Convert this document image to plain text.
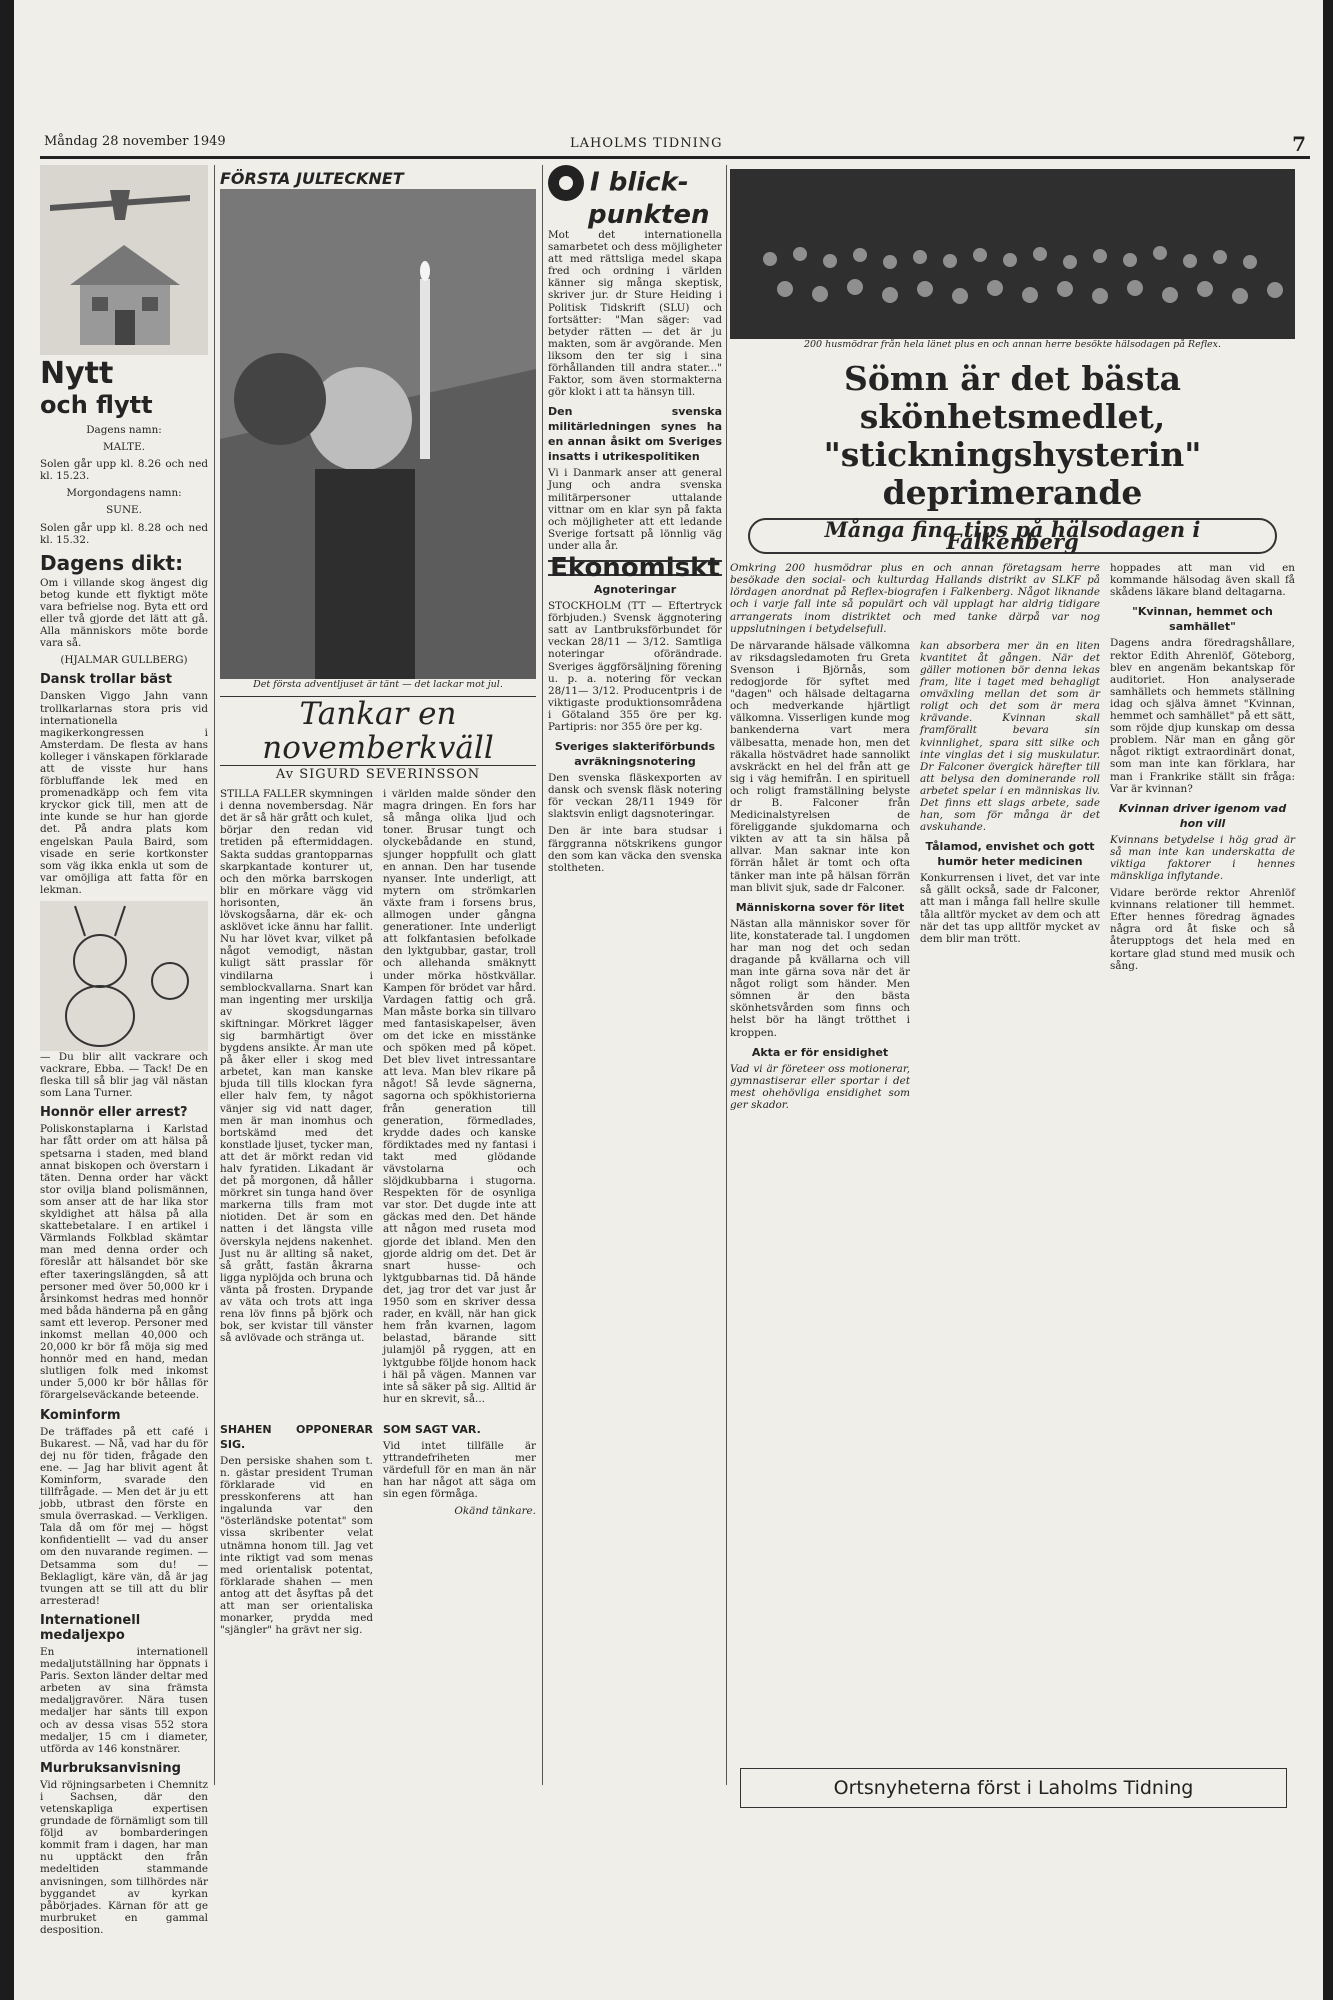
Måndag 28 november 1949	LAHOLMS TIDNING	7
Nytt
och flytt

Dagens namn:

MALTE.

Solen går upp kl. 8.26 och ned kl. 15.23.

Morgondagens namn:

SUNE.

Solen går upp kl. 8.28 och ned kl. 15.32.

Dagens dikt:

Om i villande skog ängest dig betog kunde ett flyktigt möte vara befrielse nog. Byta ett ord eller två gjorde det lätt att gå. Alla människors möte borde vara så.

(HJALMAR GULLBERG)

Dansk trollar bäst

Dansken Viggo Jahn vann trollkarlarnas stora pris vid internationella magikerkongressen i Amsterdam. De flesta av hans kolleger i vänskapen förklarade att de visste hur hans förbluffande lek med en promenadkäpp och fem vita kryckor gick till, men att de inte kunde se hur han gjorde det. På andra plats kom engelskan Paula Baird, som visade en serie kortkonster som väg ikka enkla ut som de var omöjliga att fatta för en lekman.

— Du blir allt vackrare och vackrare, Ebba. — Tack! De en fleska till så blir jag väl nästan som Lana Turner.

Honnör eller arrest?

Poliskonstaplarna i Karlstad har fått order om att hälsa på spetsarna i staden, med bland annat biskopen och överstarn i täten. Denna order har väckt stor ovilja bland polismännen, som anser att de har lika stor skyldighet att hälsa på alla skattebetalare. I en artikel i Värmlands Folkblad skämtar man med denna order och föreslår att hälsandet bör ske efter taxeringslängden, så att personer med över 50,000 kr i årsinkomst hedras med honnör med båda händerna på en gång samt ett leverop. Personer med inkomst mellan 40,000 och 20,000 kr bör få möja sig med honnör med en hand, medan slutligen folk med inkomst under 5,000 kr bör hållas för förargelseväckande beteende.

Kominform

De träffades på ett café i Bukarest. — Nå, vad har du för dej nu för tiden, frågade den ene. — Jag har blivit agent åt Kominform, svarade den tillfrågade. — Men det är ju ett jobb, utbrast den förste en smula överraskad. — Verkligen. Tala då om för mej — högst konfidentiellt — vad du anser om den nuvarande regimen. — Detsamma som du! — Beklagligt, käre vän, då är jag tvungen att se till att du blir arresterad!

Internationell medaljexpo

En internationell medaljutställning har öppnats i Paris. Sexton länder deltar med arbeten av sina främsta medaljgravörer. Nära tusen medaljer har sänts till expon och av dessa visas 552 stora medaljer, 15 cm i diameter, utförda av 146 konstnärer.

Murbruksanvisning

Vid röjningsarbeten i Chemnitz i Sachsen, där den vetenskapliga expertisen grundade de förnämligt som till följd av bombarderingen kommit fram i dagen, har man nu upptäckt den från medeltiden stammande anvisningen, som tillhördes när byggandet av kyrkan påbörjades. Kärnan för att ge murbruket en gammal desposition.

FÖRSTA JULTECKNET

Det första adventljuset är tänt — det lackar mot jul.

Tankar en novemberkväll
Av SIGURD SEVERINSSON

STILLA FALLER skymningen i denna novembersdag. När det är så här grått och kulet, börjar den redan vid tretiden på eftermiddagen. Sakta suddas grantopparnas skarpkantade konturer ut, och den mörka barrskogen blir en mörkare vägg vid horisonten, än lövskogsåarna, där ek- och asklövet icke ännu har fallit. Nu har lövet kvar, vilket på något vemodigt, nästan kuligt sätt prasslar för vindilarna i semblockvallarna. Snart kan man ingenting mer urskilja av skogsdungarnas skiftningar. Mörkret lägger sig barmhärtigt över bygdens ansikte. Är man ute på åker eller i skog med arbetet, kan man kanske bjuda till tills klockan fyra eller halv fem, ty något vänjer sig vid natt dager, men är man inomhus och bortskämd med det konstlade ljuset, tycker man, att det är mörkt redan vid halv fyratiden. Likadant är det på morgonen, då håller mörkret sin tunga hand över markerna tills fram mot niotiden. Det är som en natten i det längsta ville överskyla nejdens nakenhet. Just nu är allting så naket, så grått, fastän åkrarna ligga nyplöjda och bruna och vänta på frosten. Drypande av väta och trots att inga rena löv finns på björk och bok, ser kvistar till vänster så avlövade och stränga ut.

i världen malde sönder den magra dringen. En fors har så många olika ljud och toner. Brusar tungt och olyckebådande en stund, sjunger hoppfullt och glatt en annan. Den har tusende nyanser. Inte underligt, att mytern om strömkarlen växte fram i forsens brus, allmogen under gångna generationer. Inte underligt att folkfantasien befolkade den lyktgubbar, gastar, troll och allehanda smäknytt under mörka höstkvällar. Kampen för brödet var hård. Vardagen fattig och grå. Man måste borka sin tillvaro med fantasiskapelser, även om det icke en misstänke och spöken med på köpet. Det blev livet intressantare att leva. Man blev rikare på något! Så levde sägnerna, sagorna och spökhistorierna från generation till generation, förmedlades, krydde dades och kanske fördiktades med ny fantasi i takt med glödande vävstolarna och slöjdkubbarna i stugorna. Respekten för de osynliga var stor. Det dugde inte att gäckas med den. Det hände att någon med ruseta mod gjorde det ibland. Men den gjorde aldrig om det. Det är snart husse- och lyktgubbarnas tid. Då hände det, jag tror det var just år 1950 som en skriver dessa rader, en kväll, när han gick hem från kvarnen, lagom belastad, bärande sitt julamjöl på ryggen, att en lyktgubbe följde honom hack i häl på vägen. Mannen var inte så säker på sig. Alltid är hur en skrevit, så...

SHAHEN OPPONERAR SIG.

Den persiske shahen som t. n. gästar president Truman förklarade vid en presskonferens att han ingalunda var den "österländske potentat" som vissa skribenter velat utnämna honom till. Jag vet inte riktigt vad som menas med orientalisk potentat, förklarade shahen — men antog att det åsyftas på det att man ser orientaliska monarker, prydda med "sjängler" ha grävt ner sig.

SOM SAGT VAR.

Vid intet tillfälle är yttrandefriheten mer värdefull för en man än när han har något att säga om sin egen förmåga.

Okänd tänkare.

I blick-
punkten

Mot det internationella samarbetet och dess möjligheter att med rättsliga medel skapa fred och ordning i världen känner sig många skeptisk, skriver jur. dr Sture Heiding i Politisk Tidskrift (SLU) och fortsätter: "Man säger: vad betyder rätten — det är ju makten, som är avgörande. Men liksom den ter sig i sina förhållanden till andra stater..." Faktor, som även stormakterna gör klokt i att ta hänsyn till.

Den svenska militärledningen synes ha en annan åsikt om Sveriges insatts i utrikespolitiken

Vi i Danmark anser att general Jung och andra svenska militärpersoner uttalande vittnar om en klar syn på fakta och möjligheter att ett ledande Sverige fortsatt på lönnlig väg under alla år.

Ekonomiskt
Agnoteringar

STOCKHOLM (TT — Eftertryck förbjuden.) Svensk äggnotering satt av Lantbruksförbundet för veckan 28/11 — 3/12. Samtliga noteringar oförändrade. Sveriges äggförsäljning förening u. p. a. notering för veckan 28/11— 3/12. Producentpris i de viktigaste produktionsområdena i Götaland 355 öre per kg. Partipris: nor 355 öre per kg.

Sveriges slakteriförbunds avräkningsnotering

Den svenska fläskexporten av dansk och svensk fläsk notering för veckan 28/11 1949 för slaktsvin enligt dagsnoteringar.

Den är inte bara studsar i färggranna nötskrikens gungor den som kan väcka den svenska stoltheten.

200 husmödrar från hela länet plus en och annan herre besökte hälsodagen på Reflex.

Sömn är det bästa skönhetsmedlet, "stickningshysterin" deprimerande
Många fina tips på hälsodagen i Falkenberg

Omkring 200 husmödrar plus en och annan företagsam herre besökade den social- och kulturdag Hallands distrikt av SLKF på lördagen anordnat på Reflex-biografen i Falkenberg. Något liknande och i varje fall inte så populärt och väl upplagt har aldrig tidigare arrangerats inom distriktet och med tanke därpå var nog uppslutningen i betydelsefull.

De närvarande hälsade välkomna av riksdagsledamoten fru Greta Svenson i Björnås, som redogjorde för syftet med "dagen" och hälsade deltagarna och medverkande hjärtligt välkomna. Visserligen kunde mog bankenderna vart mera välbesatta, menade hon, men det räkalla höstvädret hade sannolikt avskräckt en hel del från att ge sig i väg hemifrån. I en spirituell och roligt framställning belyste dr B. Falconer från Medicinalstyrelsen de föreliggande sjukdomarna och vikten av att ta sin hälsa på allvar. Man saknar inte kon förrän hålet är tomt och ofta tänker man inte på hälsan förrän man blivit sjuk, sade dr Falconer.

Människorna sover för litet

Nästan alla människor sover för lite, konstaterade tal. I ungdomen har man nog det och sedan dragande på kvällarna och vill man inte gärna sova när det är något roligt som händer. Men sömnen är den bästa skönhetsvården som finns och helst bör ha längt trötthet i kroppen.

Akta er för ensidighet

Vad vi är företeer oss motionerar, gymnastiserar eller sportar i det mest ohehövliga ensidighet som ger skador.

kan absorbera mer än en liten kvantitet åt gången. När det gäller motionen bör denna lekas fram, lite i taget med behagligt omväxling mellan det som är roligt och det som är mera krävande. Kvinnan skall framförallt bevara sin kvinnlighet, spara sitt silke och inte vinglas det i sig muskulatur. Dr Falconer övergick härefter till att belysa den dominerande roll arbetet spelar i en människas liv. Det finns ett slags arbete, sade han, som för många är det avskuhande.

Tålamod, envishet och gott humör heter medicinen

Konkurrensen i livet, det var inte så gällt också, sade dr Falconer, att man i många fall hellre skulle tåla alltför mycket av dem och att när det tas upp alltför mycket av dem blir man trött.

hoppades att man vid en kommande hälsodag även skall få skådens läkare bland deltagarna.

"Kvinnan, hemmet och samhället"

Dagens andra föredragshållare, rektor Edith Ahrenlöf, Göteborg, blev en angenäm bekantskap för auditoriet. Hon analyserade samhällets och hemmets ställning idag och själva ämnet "Kvinnan, hemmet och samhället" på ett sätt, som röjde djup kunskap om dessa problem. När man en gång gör något riktigt extraordinärt donat, som man inte kan förklara, har man i Frankrike ställt sin fråga: Var är kvinnan?

Kvinnan driver igenom vad hon vill

Kvinnans betydelse i hög grad är så man inte kan underskatta de viktiga faktorer i hennes mänskliga inflytande.

Vidare berörde rektor Ahrenlöf kvinnans relationer till hemmet. Efter hennes föredrag ägnades några ord åt fiske och så återupptogs det hela med en kortare glad stund med musik och sång.

Ortsnyheterna först i Laholms Tidning
